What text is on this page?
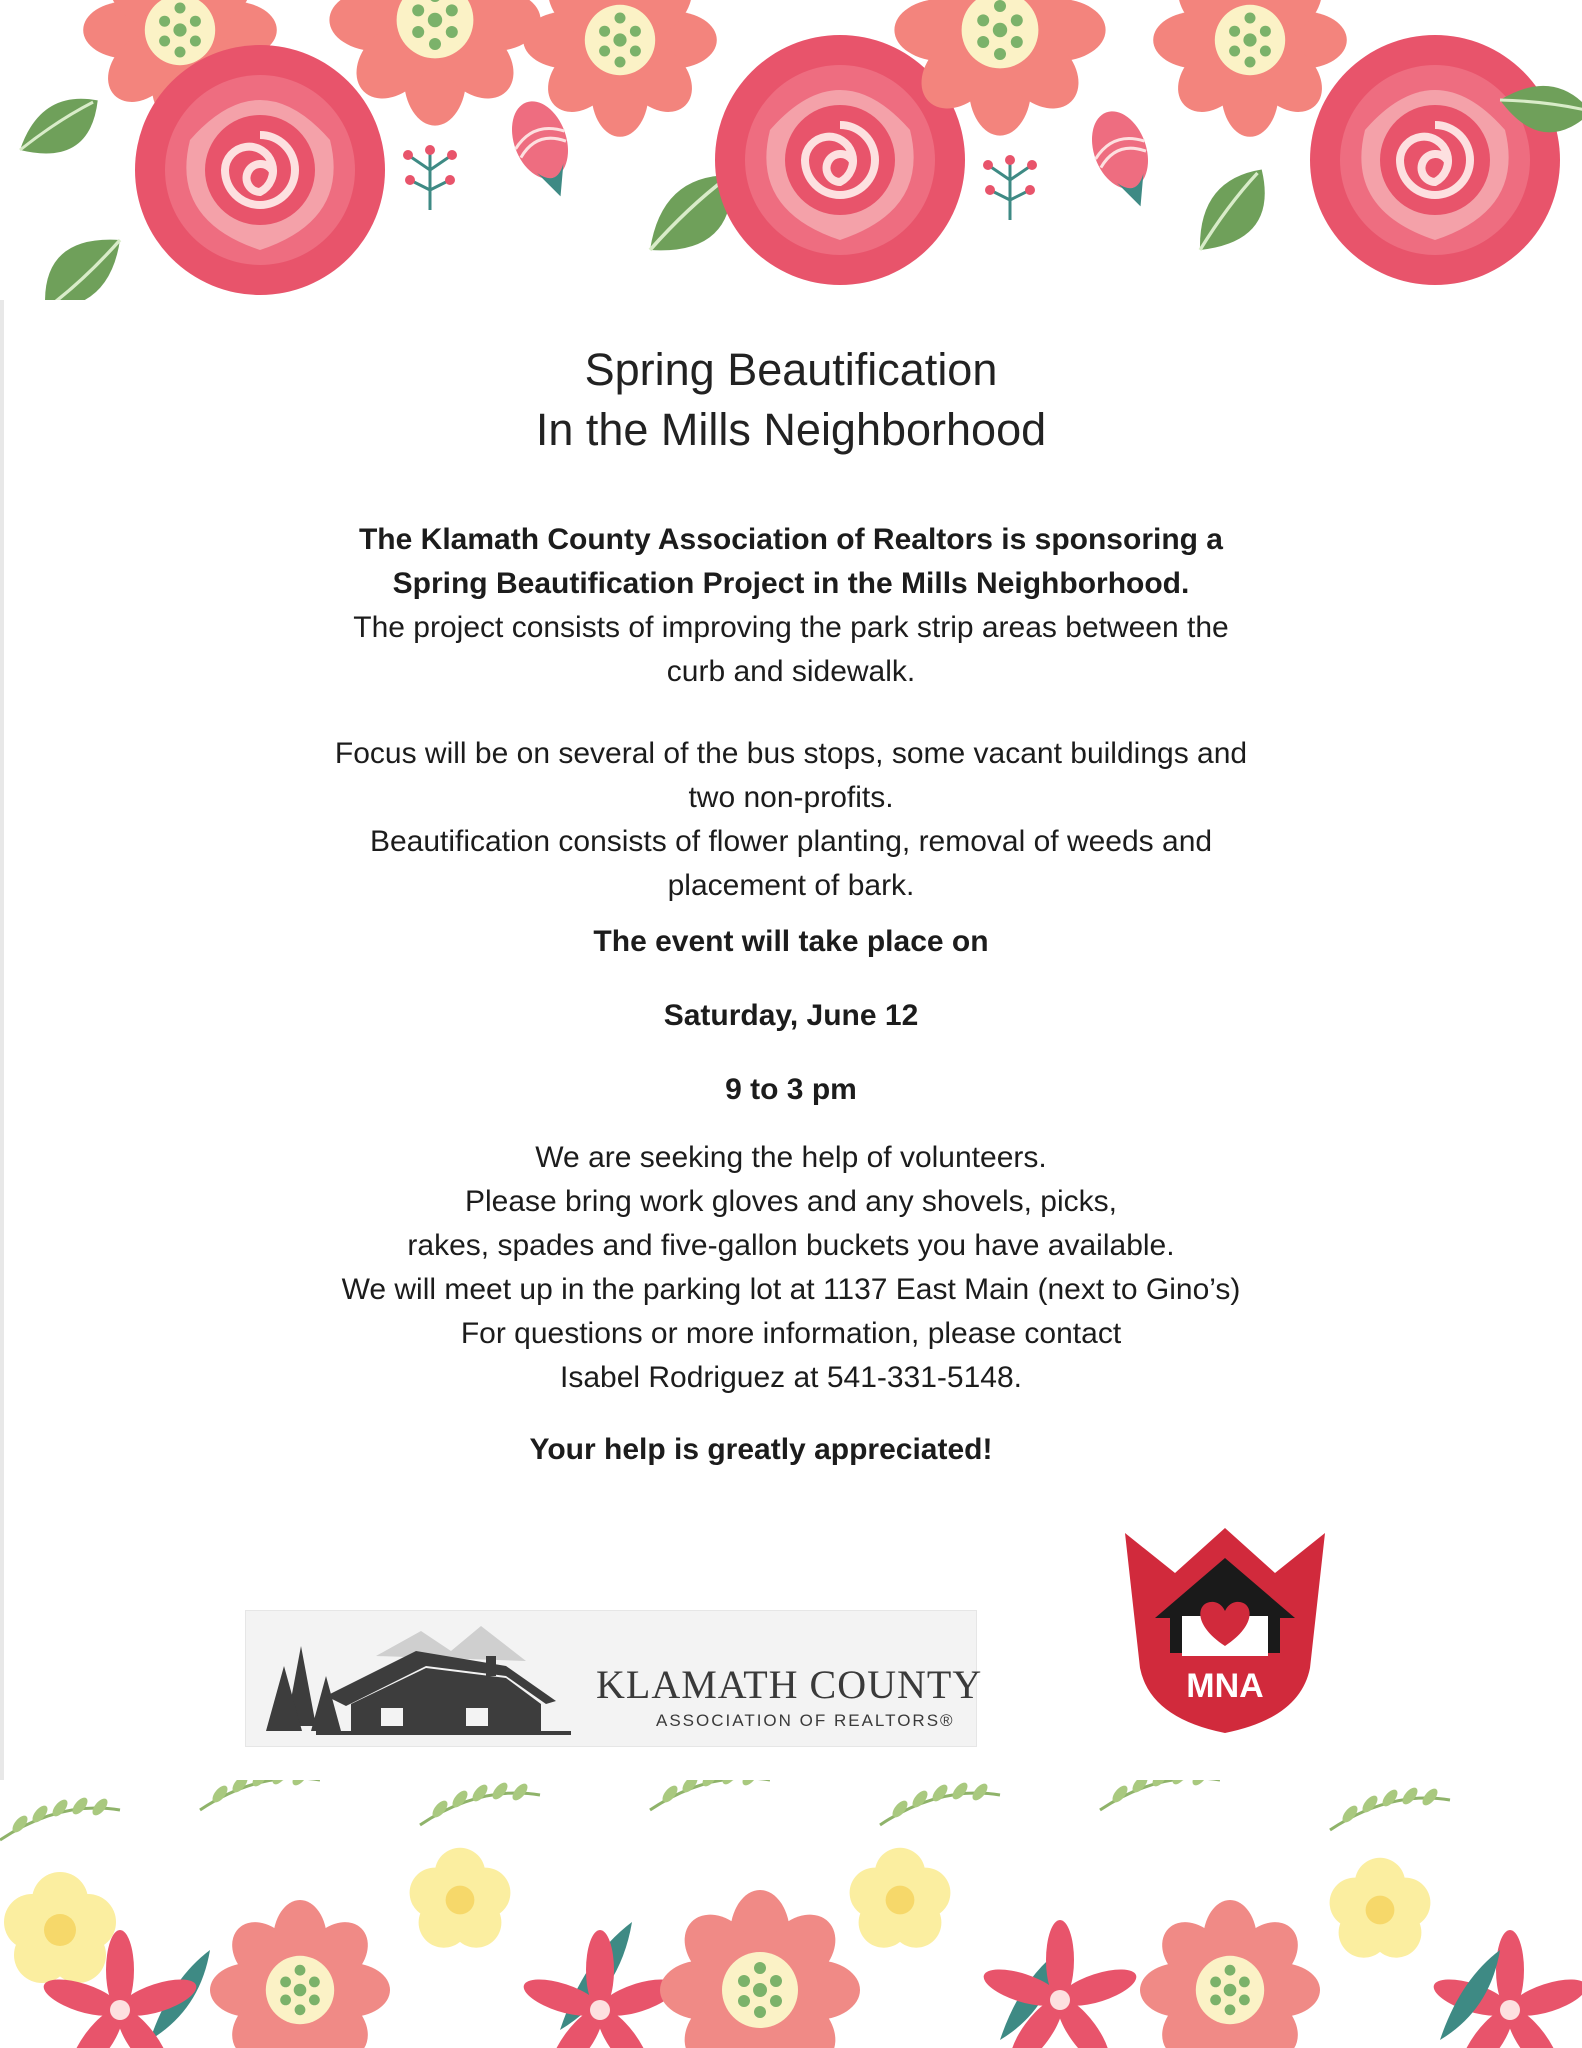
Spring Beautification
In the Mills Neighborhood

The Klamath County Association of Realtors is sponsoring a

Spring Beautification Project in the Mills Neighborhood.

The project consists of improving the park strip areas between the

curb and sidewalk.

Focus will be on several of the bus stops, some vacant buildings and

two non-profits.

Beautification consists of flower planting, removal of weeds and

placement of bark.

The event will take place on

Saturday, June 12

9 to 3 pm

We are seeking the help of volunteers.

Please bring work gloves and any shovels, picks,

rakes, spades and five-gallon buckets you have available.

We will meet up in the parking lot at 1137 East Main (next to Gino’s)

For questions or more information, please contact

Isabel Rodriguez at 541-331-5148.

Your help is greatly appreciated!

KLAMATH COUNTY
ASSOCIATION OF REALTORS®
MNA
